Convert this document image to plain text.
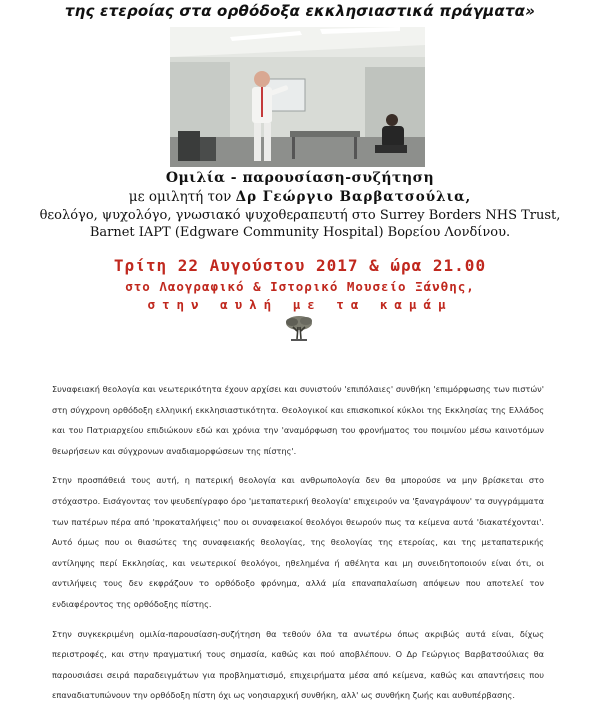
της ετεροίας στα ορθόδοξα εκκλησιαστικά πράγματα»
Ομιλία - παρουσίαση-συζήτηση
με ομιλητή τον Δρ Γεώργιο Βαρβατσούλια,
θεολόγο, ψυχολόγο, γνωσιακό ψυχοθεραπευτή στο Surrey Borders NHS Trust,
Barnet IAPT (Edgware Community Hospital) Βορείου Λονδίνου.
Τρίτη 22 Αυγούστου 2017 & ώρα 21.00
στο Λαογραφικό & Ιστορικό Μουσείο Ξάνθης,
στην αυλή με τα καμάμ

Συναφειακή θεολογία και νεωτερικότητα έχουν αρχίσει και συνιστούν 'επιπόλαιες' συνθήκη 'επιμόρφωσης των πιστών' στη σύγχρονη ορθόδοξη ελληνική εκκλησιαστικότητα. Θεολογικοί και επισκοπικοί κύκλοι της Εκκλησίας της Ελλάδος και του Πατριαρχείου επιδιώκουν εδώ και χρόνια την 'αναμόρφωση του φρονήματος του ποιμνίου μέσω καινοτόμων θεωρήσεων και σύγχρονων αναδιαμορφώσεων της πίστης'.

Στην προσπάθειά τους αυτή, η πατερική θεολογία και ανθρωπολογία δεν θα μπορούσε να μην βρίσκεται στο στόχαστρο. Εισάγοντας τον ψευδεπίγραφο όρο 'μεταπατερική θεολογία' επιχειρούν να 'ξαναγράψουν' τα συγγράμματα των πατέρων πέρα από 'προκαταλήψεις' που οι συναφειακοί θεολόγοι θεωρούν πως τα κείμενα αυτά 'διακατέχονται'. Αυτό όμως που οι θιασώτες της συναφειακής θεολογίας, της θεολογίας της ετεροίας, και της μεταπατερικής αντίληψης περί Εκκλησίας, και νεωτερικοί θεολόγοι, ηθελημένα ή αθέλητα και μη συνειδητοποιούν είναι ότι, οι αντιλήψεις τους δεν εκφράζουν το ορθόδοξο φρόνημα, αλλά μία επαναπαλαίωση απόψεων που αποτελεί τον ενδιαφέροντος της ορθόδοξης πίστης.

Στην συγκεκριμένη ομιλία-παρουσίαση-συζήτηση θα τεθούν όλα τα ανωτέρω όπως ακριβώς αυτά είναι, δίχως περιστροφές, και στην πραγματική τους σημασία, καθώς και πού αποβλέπουν. Ο Δρ Γεώργιος Βαρβατσούλιας θα παρουσιάσει σειρά παραδειγμάτων για προβληματισμό, επιχειρήματα μέσα από κείμενα, καθώς και απαντήσεις που επαναδιατυπώνουν την ορθόδοξη πίστη όχι ως νοησιαρχική συνθήκη, αλλ' ως συνθήκη ζωής και αυθυπέρβασης.
